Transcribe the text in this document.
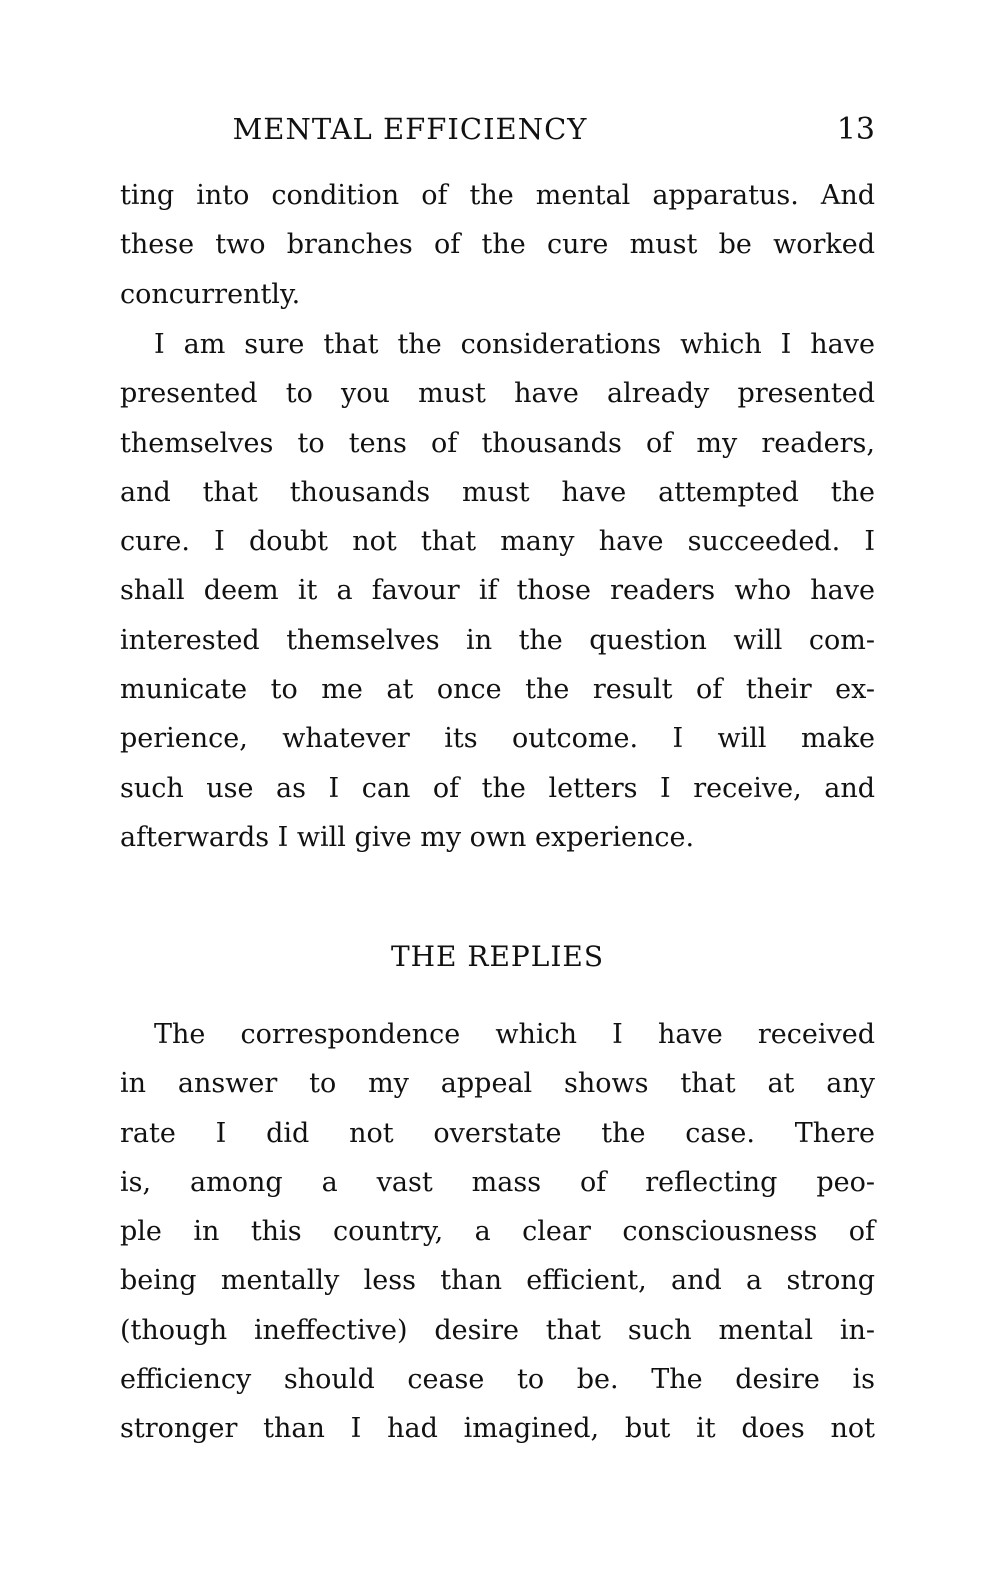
MENTAL EFFICIENCY	13

ting into condition of the mental apparatus. And
these two branches of the cure must be worked
concurrently.

I am sure that the considerations which I have
presented to you must have already presented
themselves to tens of thousands of my readers,
and that thousands must have attempted the
cure. I doubt not that many have succeeded. I
shall deem it a favour if those readers who have
interested themselves in the question will com-
municate to me at once the result of their ex-
perience, whatever its outcome. I will make
such use as I can of the letters I receive, and
afterwards I will give my own experience.

THE REPLIES

The correspondence which I have received
in answer to my appeal shows that at any
rate I did not overstate the case. There
is, among a vast mass of reflecting peo-
ple in this country, a clear consciousness of
being mentally less than efficient, and a strong
(though ineffective) desire that such mental in-
efficiency should cease to be. The desire is
stronger than I had imagined, but it does not
